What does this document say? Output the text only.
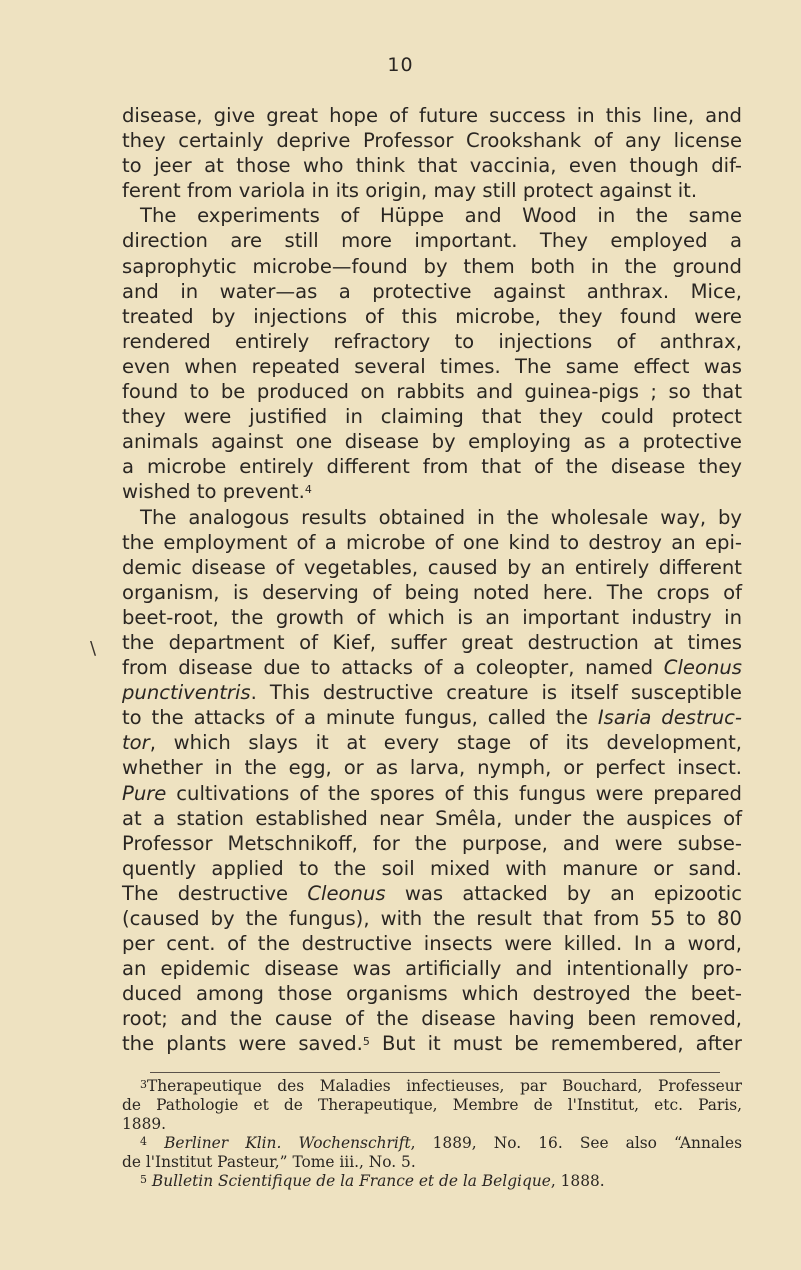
10
\
disease, give great hope of future success in this line, and
they certainly deprive Professor Crookshank of any license
to jeer at those who think that vaccinia, even though dif-
ferent from variola in its origin, may still protect against it.
The experiments of Hüppe and Wood in the same
direction are still more important. They employed a
saprophytic microbe—found by them both in the ground
and in water—as a protective against anthrax. Mice,
treated by injections of this microbe, they found were
rendered entirely refractory to injections of anthrax,
even when repeated several times. The same effect was
found to be produced on rabbits and guinea-pigs ; so that
they were justified in claiming that they could protect
animals against one disease by employing as a protective
a microbe entirely different from that of the disease they
wished to prevent.$^4$
The analogous results obtained in the wholesale way, by
the employment of a microbe of one kind to destroy an epi-
demic disease of vegetables, caused by an entirely different
organism, is deserving of being noted here. The crops of
beet-root, the growth of which is an important industry in
the department of Kief, suffer great destruction at times
from disease due to attacks of a coleopter, named Cleonus
punctiventris. This destructive creature is itself susceptible
to the attacks of a minute fungus, called the Isaria destruc-
tor, which slays it at every stage of its development,
whether in the egg, or as larva, nymph, or perfect insect.
Pure cultivations of the spores of this fungus were prepared
at a station established near Smêla, under the auspices of
Professor Metschnikoff, for the purpose, and were subse-
quently applied to the soil mixed with manure or sand.
The destructive Cleonus was attacked by an epizootic
(caused by the fungus), with the result that from 55 to 80
per cent. of the destructive insects were killed. In a word,
an epidemic disease was artificially and intentionally pro-
duced among those organisms which destroyed the beet-
root; and the cause of the disease having been removed,
the plants were saved.$^5$ But it must be remembered, after
$^3$Therapeutique des Maladies infectieuses, par Bouchard, Professeur
de Pathologie et de Therapeutique, Membre de l'Institut, etc. Paris,
1889.
$^4$ Berliner Klin. Wochenschrift, 1889, No. 16. See also “Annales
de l'Institut Pasteur,” Tome iii., No. 5.
$^5$ Bulletin Scientifique de la France et de la Belgique, 1888.
